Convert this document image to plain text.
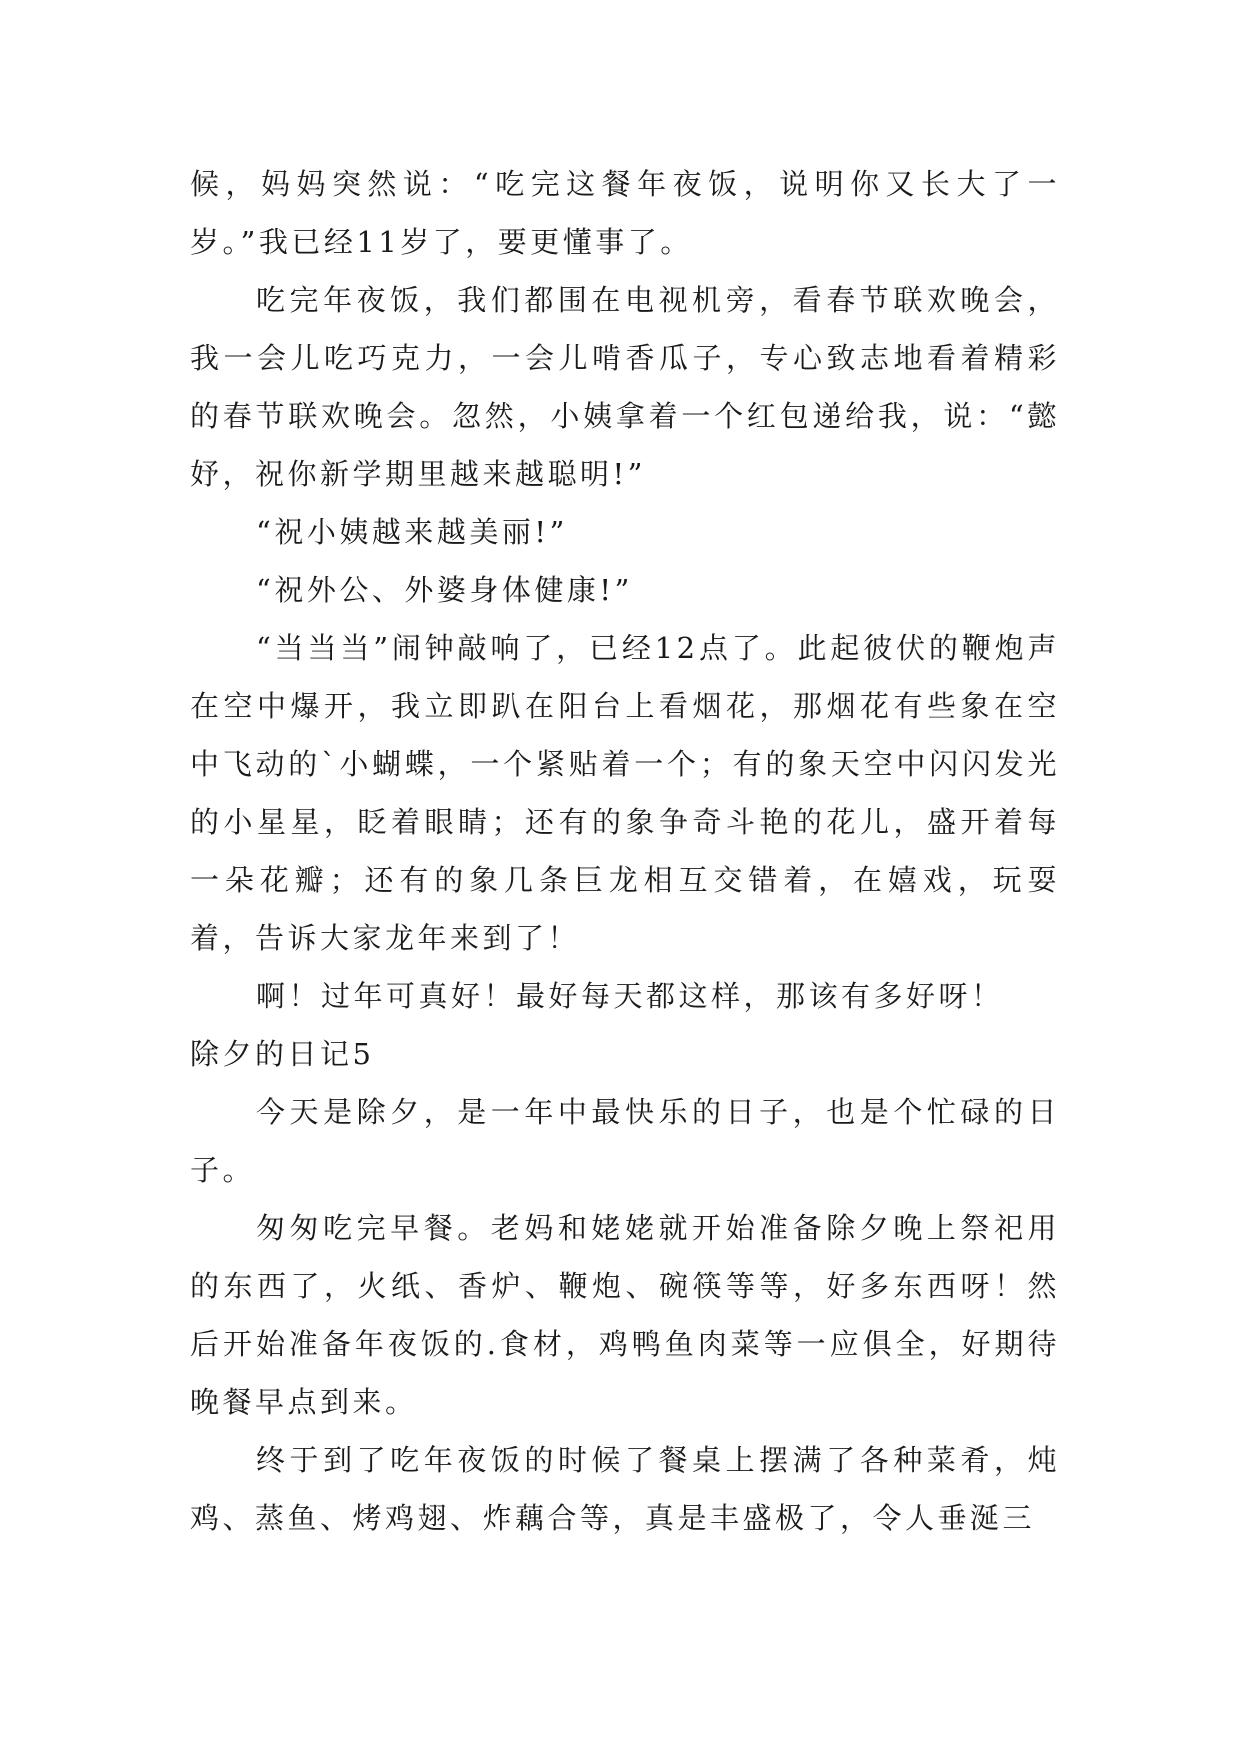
候，妈妈突然说：“吃完这餐年夜饭，说明你又长大了一岁。”我已经11岁了，要更懂事了。

吃完年夜饭，我们都围在电视机旁，看春节联欢晚会，我一会儿吃巧克力，一会儿啃香瓜子，专心致志地看着精彩的春节联欢晚会。忽然，小姨拿着一个红包递给我，说：“懿妤，祝你新学期里越来越聪明!”

“祝小姨越来越美丽!”

“祝外公、外婆身体健康!”

“当当当”闹钟敲响了，已经12点了。此起彼伏的鞭炮声在空中爆开，我立即趴在阳台上看烟花，那烟花有些象在空中飞动的`小蝴蝶，一个紧贴着一个；有的象天空中闪闪发光的小星星，眨着眼睛；还有的象争奇斗艳的花儿，盛开着每一朵花瓣；还有的象几条巨龙相互交错着，在嬉戏，玩耍着，告诉大家龙年来到了！

啊！过年可真好！最好每天都这样，那该有多好呀！

除夕的日记5

今天是除夕，是一年中最快乐的日子，也是个忙碌的日子。

匆匆吃完早餐。老妈和姥姥就开始准备除夕晚上祭祀用的东西了，火纸、香炉、鞭炮、碗筷等等，好多东西呀！然后开始准备年夜饭的.食材，鸡鸭鱼肉菜等一应俱全，好期待晚餐早点到来。

终于到了吃年夜饭的时候了餐桌上摆满了各种菜肴，炖鸡、蒸鱼、烤鸡翅、炸藕合等，真是丰盛极了，令人垂涎三
